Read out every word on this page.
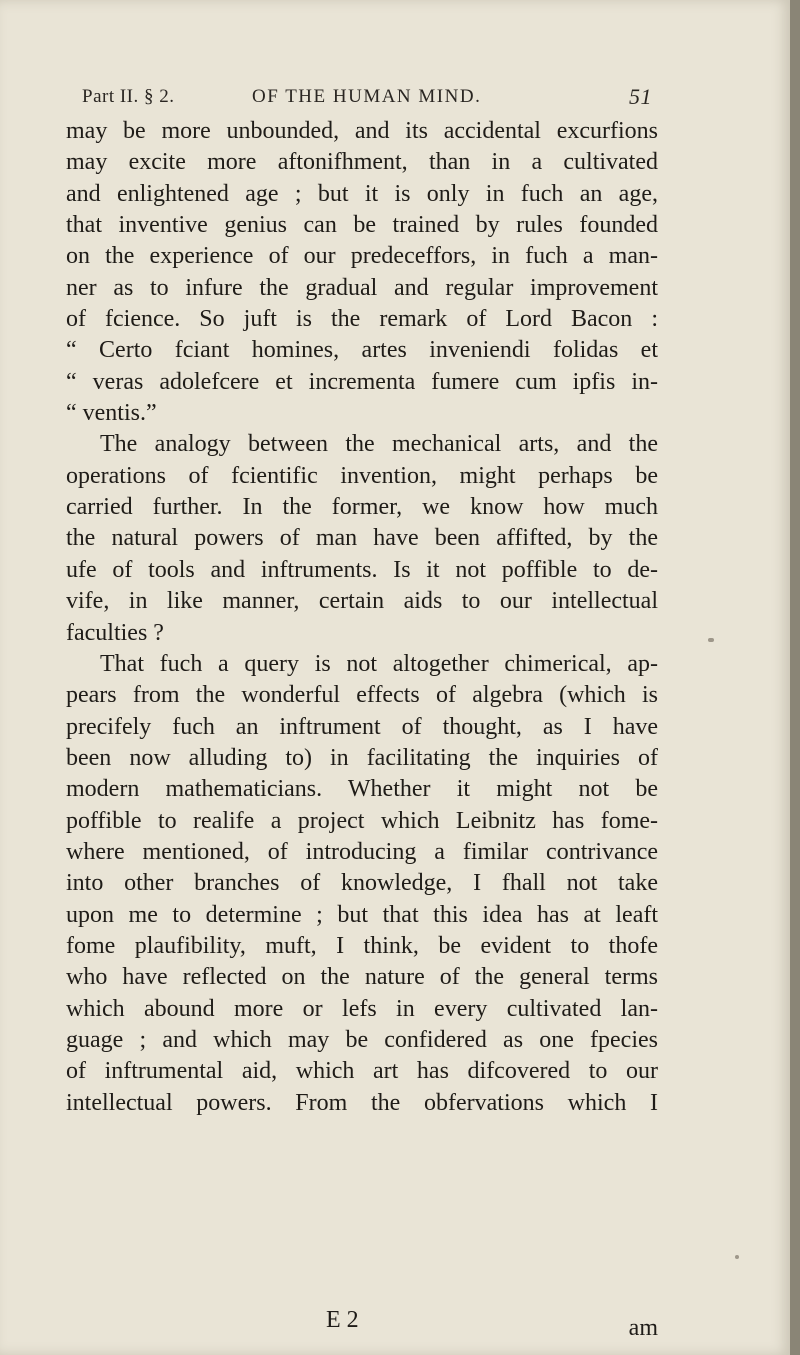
Part II. § 2.	OF THE HUMAN MIND.	51
may be more unbounded, and its accidental excurfions
may excite more aftonifhment, than in a cultivated
and enlightened age ; but it is only in fuch an age,
that inventive genius can be trained by rules founded
on the experience of our predeceffors, in fuch a man-
ner as to infure the gradual and regular improvement
of fcience. So juft is the remark of Lord Bacon :
“ Certo fciant homines, artes inveniendi folidas et
“ veras adolefcere et incrementa fumere cum ipfis in-
“ ventis.”
The analogy between the mechanical arts, and the
operations of fcientific invention, might perhaps be
carried further. In the former, we know how much
the natural powers of man have been affifted, by the
ufe of tools and inftruments. Is it not poffible to de-
vife, in like manner, certain aids to our intellectual
faculties ?
That fuch a query is not altogether chimerical, ap-
pears from the wonderful effects of algebra (which is
precifely fuch an inftrument of thought, as I have
been now alluding to) in facilitating the inquiries of
modern mathematicians. Whether it might not be
poffible to realife a project which Leibnitz has fome-
where mentioned, of introducing a fimilar contrivance
into other branches of knowledge, I fhall not take
upon me to determine ; but that this idea has at leaft
fome plaufibility, muft, I think, be evident to thofe
who have reflected on the nature of the general terms
which abound more or lefs in every cultivated lan-
guage ; and which may be confidered as one fpecies
of inftrumental aid, which art has difcovered to our
intellectual powers. From the obfervations which I
E 2	am
